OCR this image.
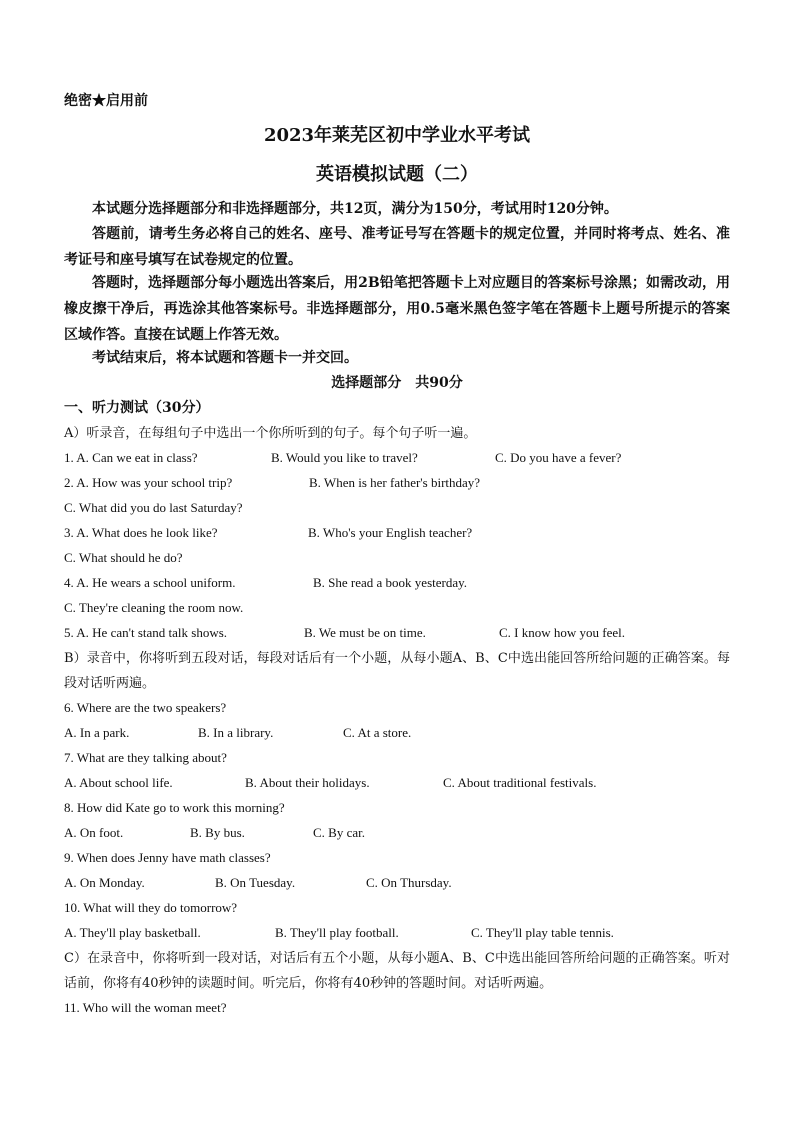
绝密★启用前
2023年莱芜区初中学业水平考试
英语模拟试题（二）
本试题分选择题部分和非选择题部分，共12页，满分为150分，考试用时120分钟。
答题前，请考生务必将自己的姓名、座号、准考证号写在答题卡的规定位置，并同时将考点、姓名、准考证号和座号填写在试卷规定的位置。
答题时，选择题部分每小题选出答案后，用2B铅笔把答题卡上对应题目的答案标号涂黑；如需改动，用橡皮擦干净后，再选涂其他答案标号。非选择题部分，用0.5毫米黑色签字笔在答题卡上题号所提示的答案区域作答。直接在试题上作答无效。
考试结束后，将本试题和答题卡一并交回。
选择题部分　共90分
一、听力测试（30分）
A）听录音，在每组句子中选出一个你所听到的句子。每个句子听一遍。
1. A. Can we eat in class?	B. Would you like to travel?	C. Do you have a fever?
2. A. How was your school trip?	B. When is her father's birthday?
C. What did you do last Saturday?
3. A. What does he look like?	B. Who's your English teacher?
C. What should he do?
4. A. He wears a school uniform.	B. She read a book yesterday.
C. They're cleaning the room now.
5. A. He can't stand talk shows.	B. We must be on time.	C. I know how you feel.
B）录音中，你将听到五段对话，每段对话后有一个小题，从每小题A、B、C中选出能回答所给问题的正确答案。每段对话听两遍。
6. Where are the two speakers?
A. In a park.	B. In a library.	C. At a store.
7. What are they talking about?
A. About school life.	B. About their holidays.	C. About traditional festivals.
8. How did Kate go to work this morning?
A. On foot.	B. By bus.	C. By car.
9. When does Jenny have math classes?
A. On Monday.	B. On Tuesday.	C. On Thursday.
10. What will they do tomorrow?
A. They'll play basketball.	B. They'll play football.	C. They'll play table tennis.
C）在录音中，你将听到一段对话，对话后有五个小题，从每小题A、B、C中选出能回答所给问题的正确答案。听对话前，你将有40秒钟的读题时间。听完后，你将有40秒钟的答题时间。对话听两遍。
11. Who will the woman meet?
